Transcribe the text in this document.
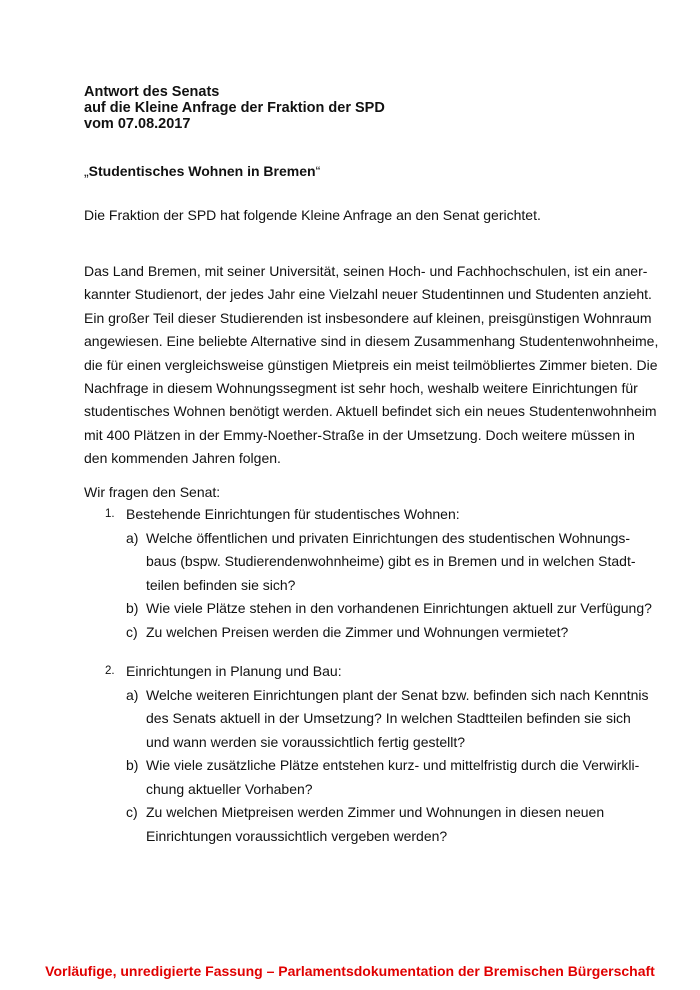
Antwort des Senats
auf die Kleine Anfrage der Fraktion der SPD
vom 07.08.2017
„Studentisches Wohnen in Bremen“
Die Fraktion der SPD hat folgende Kleine Anfrage an den Senat gerichtet.
Das Land Bremen, mit seiner Universität, seinen Hoch- und Fachhochschulen, ist ein aner-
kannter Studienort, der jedes Jahr eine Vielzahl neuer Studentinnen und Studenten anzieht.
Ein großer Teil dieser Studierenden ist insbesondere auf kleinen, preisgünstigen Wohnraum
angewiesen. Eine beliebte Alternative sind in diesem Zusammenhang Studentenwohnheime,
die für einen vergleichsweise günstigen Mietpreis ein meist teilmöbliertes Zimmer bieten. Die
Nachfrage in diesem Wohnungssegment ist sehr hoch, weshalb weitere Einrichtungen für
studentisches Wohnen benötigt werden. Aktuell befindet sich ein neues Studentenwohnheim
mit 400 Plätzen in der Emmy-Noether-Straße in der Umsetzung. Doch weitere müssen in
den kommenden Jahren folgen.
Wir fragen den Senat:
1. Bestehende Einrichtungen für studentisches Wohnen:
a) Welche öffentlichen und privaten Einrichtungen des studentischen Wohnungs-
baus (bspw. Studierendenwohnheime) gibt es in Bremen und in welchen Stadt-
teilen befinden sie sich?
b) Wie viele Plätze stehen in den vorhandenen Einrichtungen aktuell zur Verfügung?
c) Zu welchen Preisen werden die Zimmer und Wohnungen vermietet?
2. Einrichtungen in Planung und Bau:
a) Welche weiteren Einrichtungen plant der Senat bzw. befinden sich nach Kenntnis
des Senats aktuell in der Umsetzung? In welchen Stadtteilen befinden sie sich
und wann werden sie voraussichtlich fertig gestellt?
b) Wie viele zusätzliche Plätze entstehen kurz- und mittelfristig durch die Verwirkli-
chung aktueller Vorhaben?
c) Zu welchen Mietpreisen werden Zimmer und Wohnungen in diesen neuen
Einrichtungen voraussichtlich vergeben werden?
Vorläufige, unredigierte Fassung – Parlamentsdokumentation der Bremischen Bürgerschaft
